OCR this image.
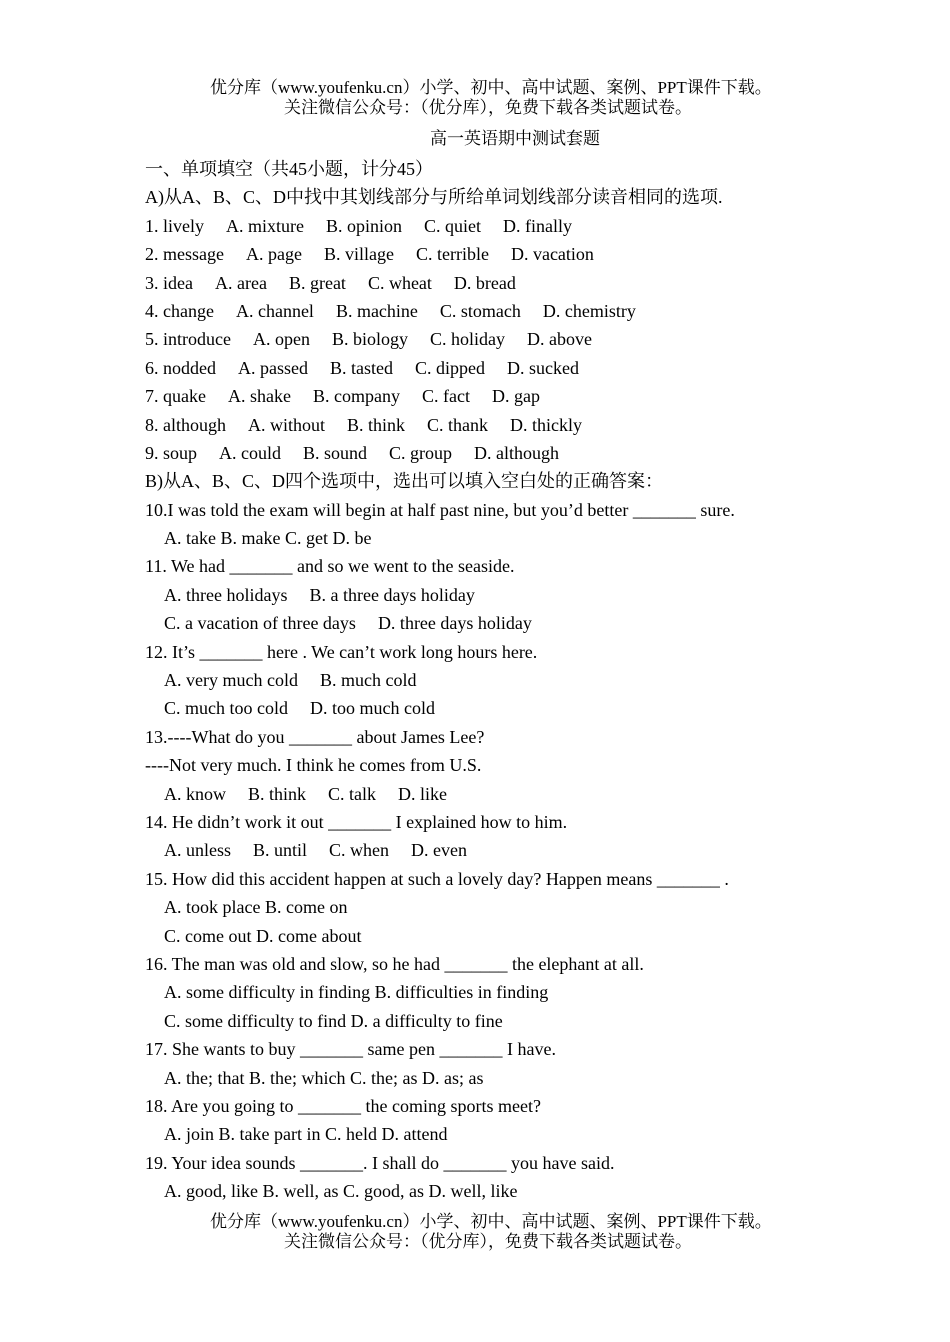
优分库（www.youfenku.cn）小学、初中、高中试题、案例、PPT课件下载。
关注微信公众号：（优分库），免费下载各类试题试卷。
高一英语期中测试套题
一、单项填空（共45小题，计分45）
A)从A、B、C、D中找中其划线部分与所给单词划线部分读音相同的选项.
1. lively A. mixture B. opinion C. quiet D. finally
2. message A. page B. village C. terrible D. vacation
3. idea A. area B. great C. wheat D. bread
4. change A. channel B. machine C. stomach D. chemistry
5. introduce A. open B. biology C. holiday D. above
6. nodded A. passed B. tasted C. dipped D. sucked
7. quake A. shake B. company C. fact D. gap
8. although A. without B. think C. thank D. thickly
9. soup A. could B. sound C. group D. although
B)从A、B、C、D四个选项中，选出可以填入空白处的正确答案：
10.I was told the exam will begin at half past nine, but you’d better _______ sure.
A. take B. make C. get D. be
11. We had _______ and so we went to the seaside.
A. three holidays B. a three days holiday
C. a vacation of three days D. three days holiday
12. It’s _______ here . We can’t work long hours here.
A. very much cold B. much cold
C. much too cold D. too much cold
13.----What do you _______ about James Lee?
----Not very much. I think he comes from U.S.
A. know B. think C. talk D. like
14. He didn’t work it out _______ I explained how to him.
A. unless B. until C. when D. even
15. How did this accident happen at such a lovely day? Happen means _______ .
A. took place B. come on
C. come out D. come about
16. The man was old and slow, so he had _______ the elephant at all.
A. some difficulty in finding B. difficulties in finding
C. some difficulty to find D. a difficulty to fine
17. She wants to buy _______ same pen _______ I have.
A. the; that B. the; which C. the; as D. as; as
18. Are you going to _______ the coming sports meet?
A. join B. take part in C. held D. attend
19. Your idea sounds _______. I shall do _______ you have said.
A. good, like B. well, as C. good, as D. well, like
优分库（www.youfenku.cn）小学、初中、高中试题、案例、PPT课件下载。
关注微信公众号：（优分库），免费下载各类试题试卷。
